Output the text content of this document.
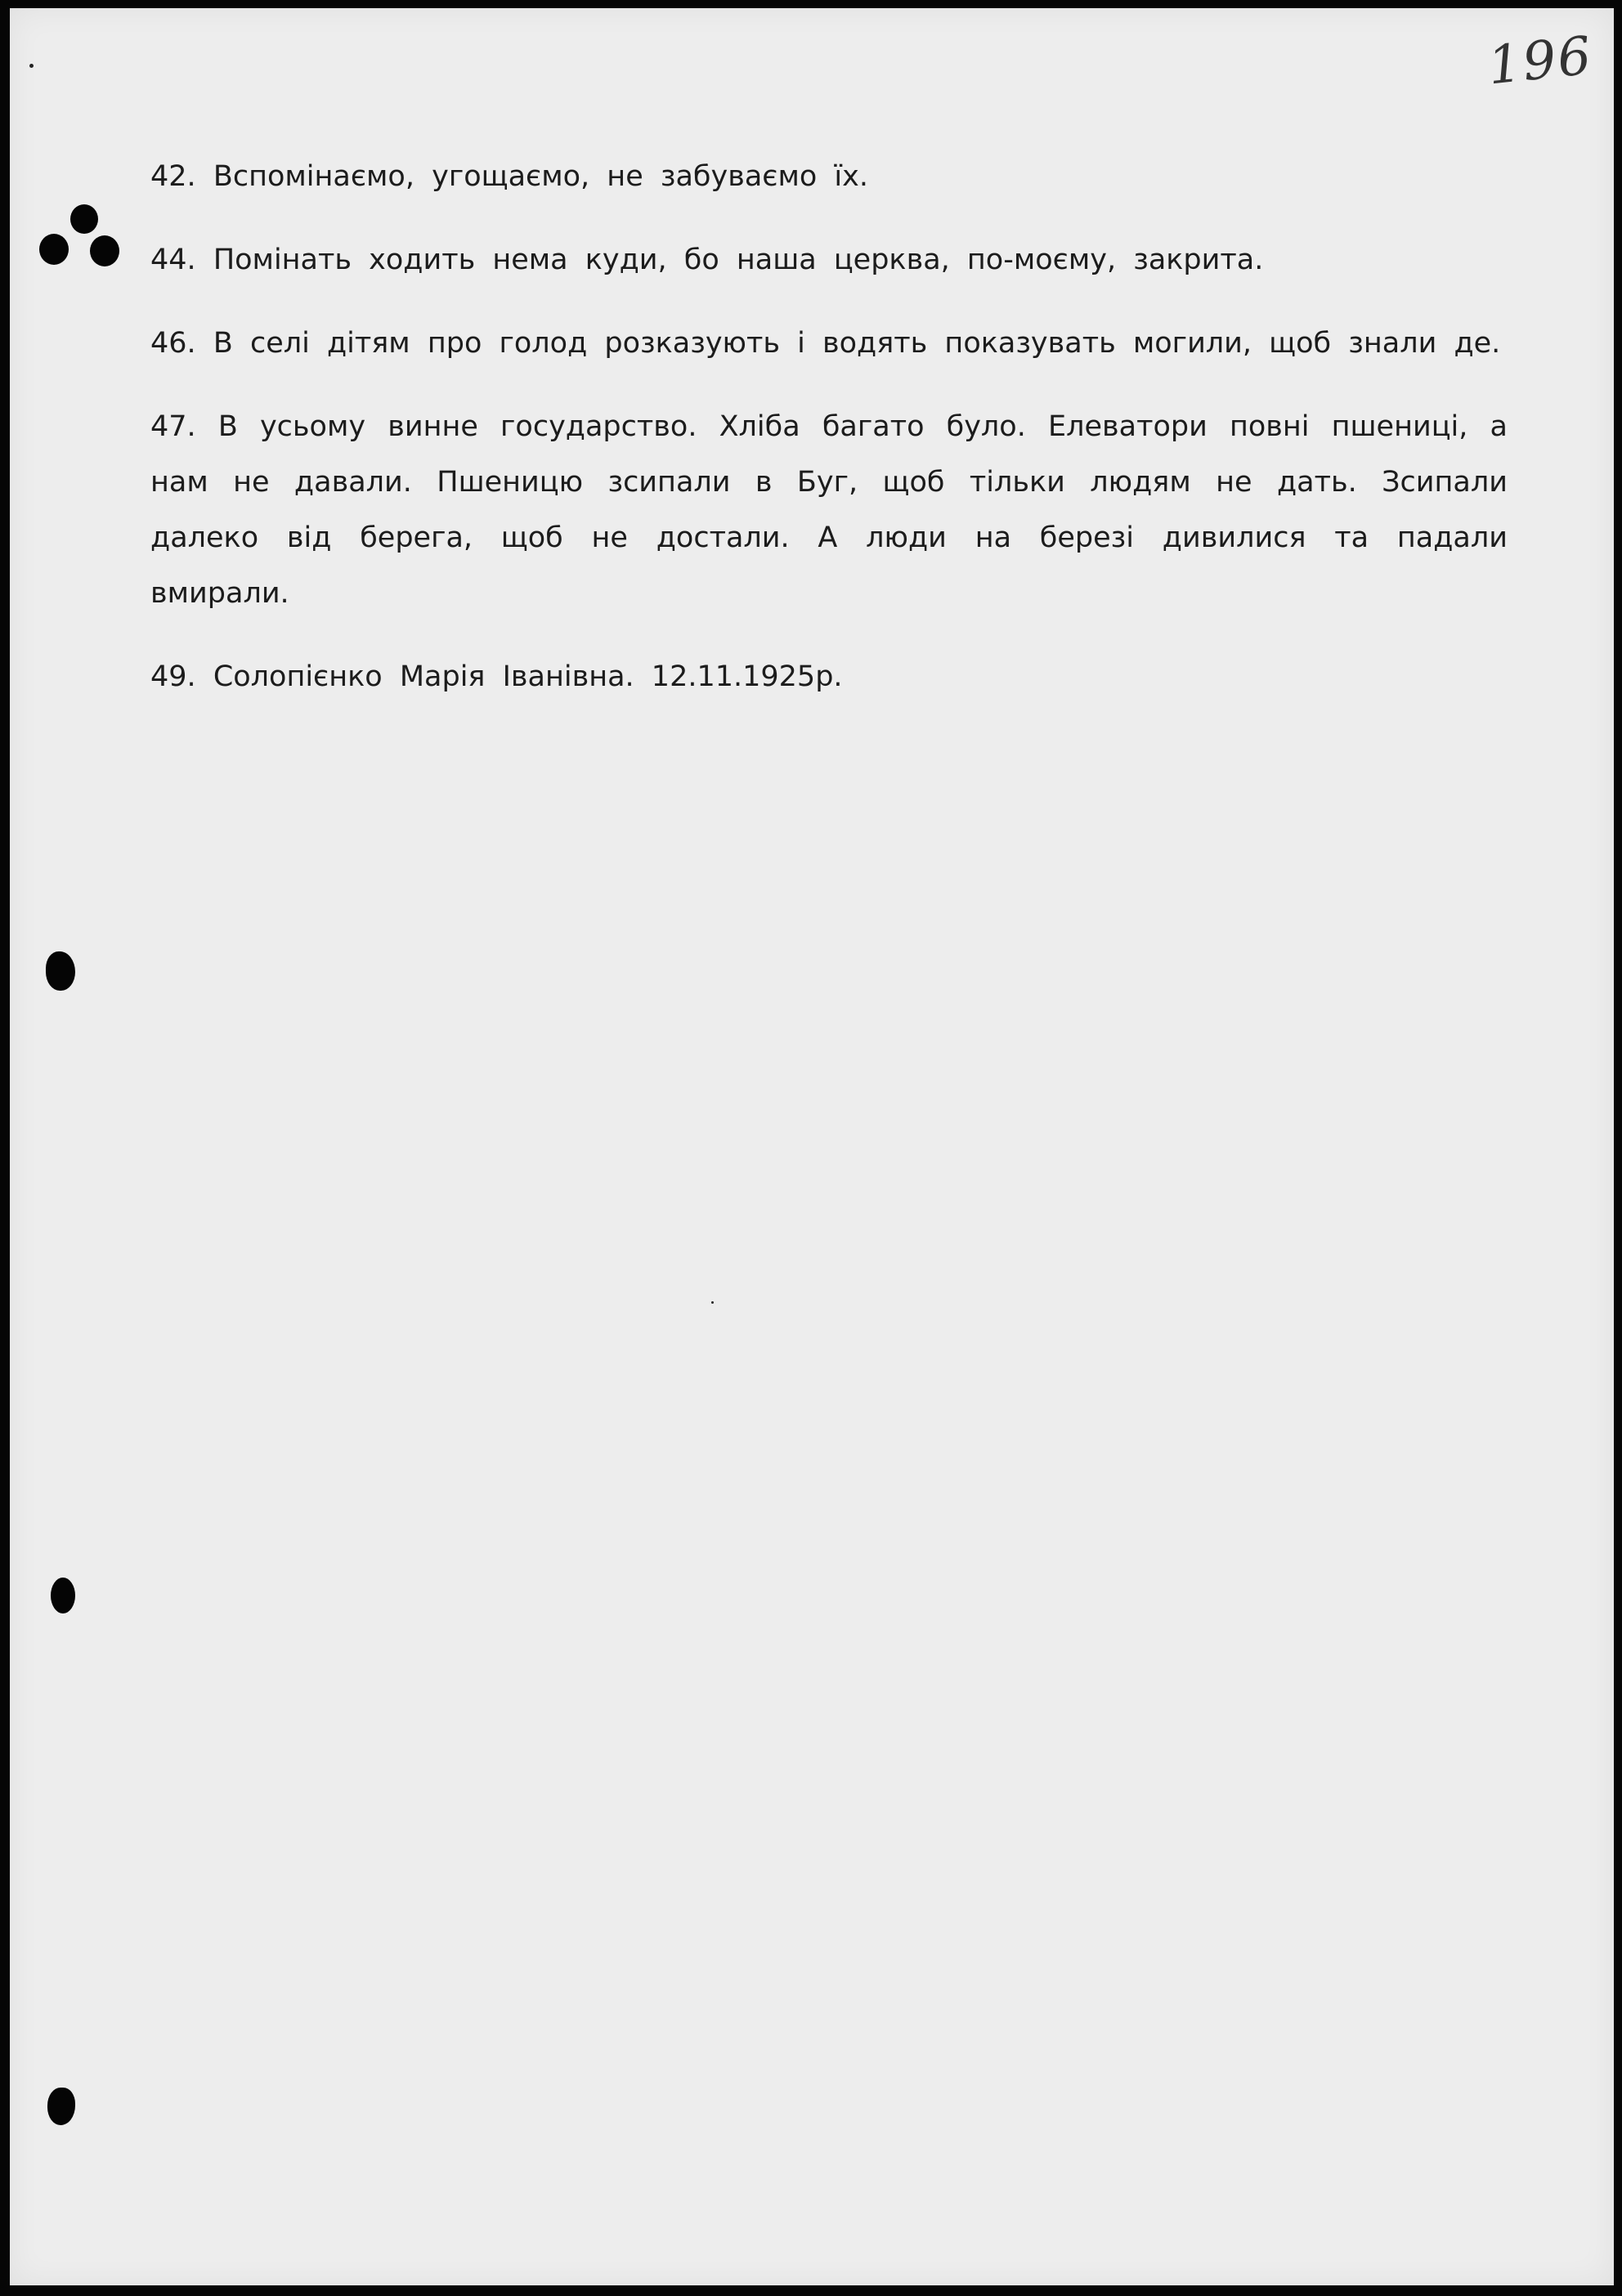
196

42. Вспомінаємо, угощаємо, не забуваємо їх.

44. Помінать ходить нема куди, бо наша церква, по-моєму, закрита.

46. В селі дітям про голод розказують і водять показувать могили, щоб знали де.

47. В усьому винне государство. Хліба багато було. Елеватори повні пшениці, а нам не давали. Пшеницю зсипали в Буг, щоб тільки людям не дать. Зсипали далеко від берега, щоб не достали. А люди на березі дивилися та падали вмирали.

49. Солопієнко Марія Іванівна. 12.11.1925р.
